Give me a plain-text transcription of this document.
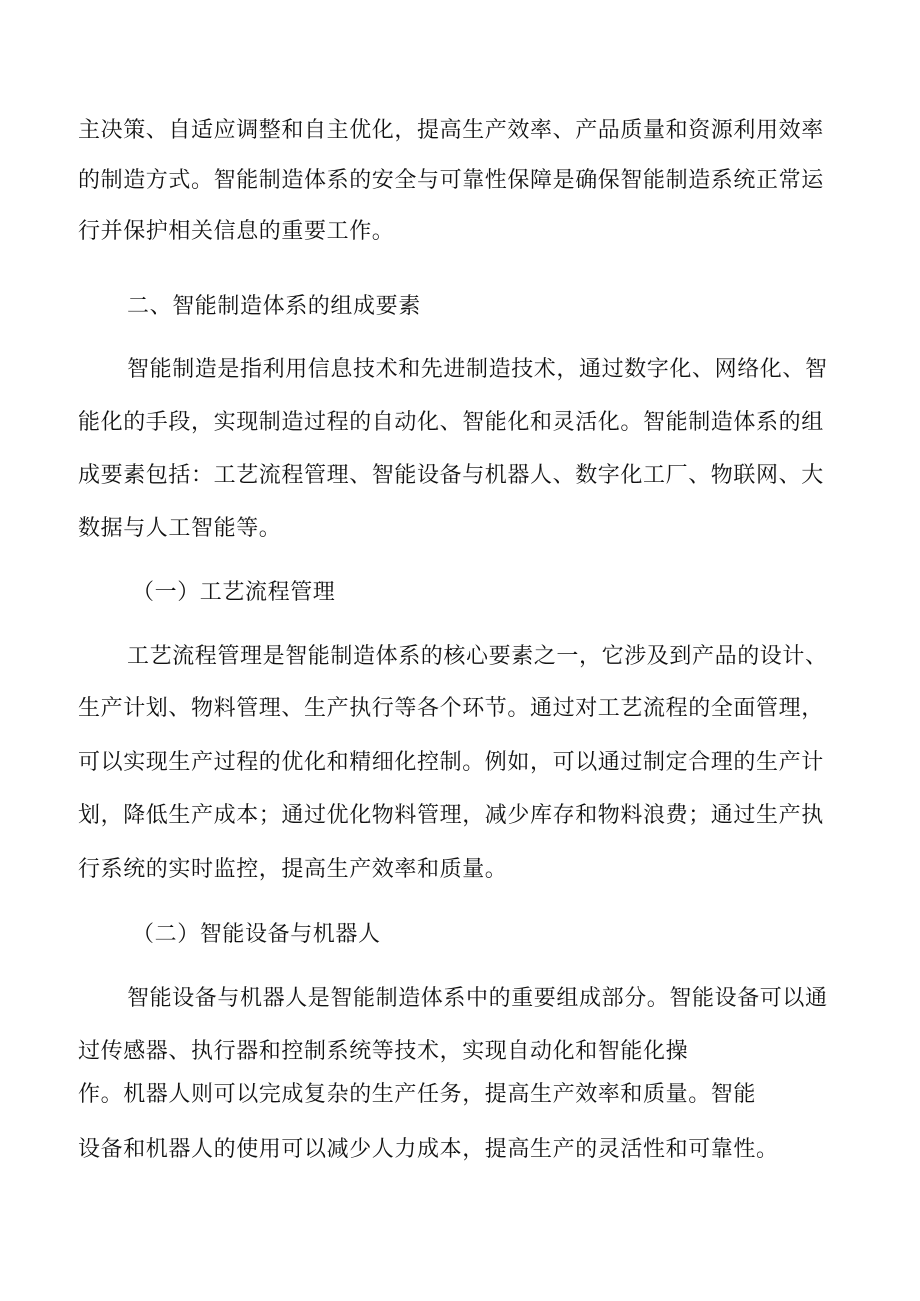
主决策、自适应调整和自主优化，提高生产效率、产品质量和资源利用效率

的制造方式。智能制造体系的安全与可靠性保障是确保智能制造系统正常运

行并保护相关信息的重要工作。

二、智能制造体系的组成要素

智能制造是指利用信息技术和先进制造技术，通过数字化、网络化、智

能化的手段，实现制造过程的自动化、智能化和灵活化。智能制造体系的组

成要素包括：工艺流程管理、智能设备与机器人、数字化工厂、物联网、大

数据与人工智能等。

（一）工艺流程管理

工艺流程管理是智能制造体系的核心要素之一，它涉及到产品的设计、

生产计划、物料管理、生产执行等各个环节。通过对工艺流程的全面管理，

可以实现生产过程的优化和精细化控制。例如，可以通过制定合理的生产计

划，降低生产成本；通过优化物料管理，减少库存和物料浪费；通过生产执

行系统的实时监控，提高生产效率和质量。

（二）智能设备与机器人

智能设备与机器人是智能制造体系中的重要组成部分。智能设备可以通

过传感器、执行器和控制系统等技术，实现自动化和智能化操

作。机器人则可以完成复杂的生产任务，提高生产效率和质量。智能

设备和机器人的使用可以减少人力成本，提高生产的灵活性和可靠性。
